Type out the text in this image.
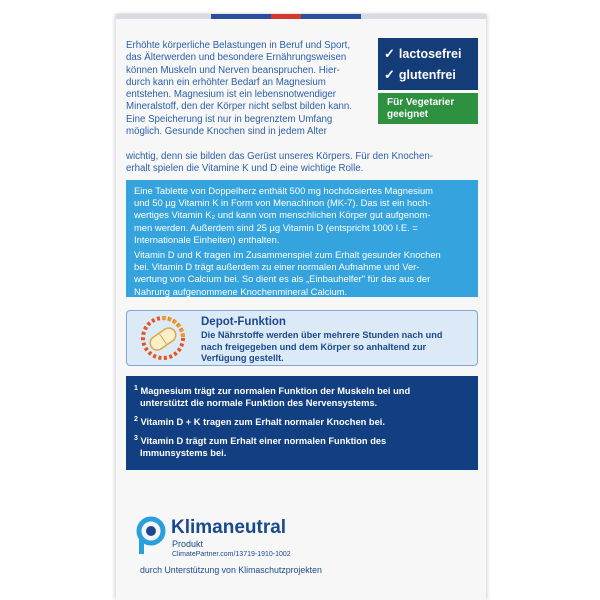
Erhöhte körperliche Belastungen in Beruf und Sport,
das Älterwerden und besondere Ernährungsweisen
können Muskeln und Nerven beanspruchen. Hier-
durch kann ein erhöhter Bedarf an Magnesium
entstehen. Magnesium ist ein lebensnotwendiger
Mineralstoff, den der Körper nicht selbst bilden kann.
Eine Speicherung ist nur in begrenztem Umfang
möglich. Gesunde Knochen sind in jedem Alter
wichtig, denn sie bilden das Gerüst unseres Körpers. Für den Knochen-
erhalt spielen die Vitamine K und D eine wichtige Rolle.
✓ lactosefrei
✓ glutenfrei
Für Vegetarier geeignet

Eine Tablette von Doppelherz enthält 500 mg hochdosiertes Magnesium
und 50 µg Vitamin K in Form von Menachinon (MK-7). Das ist ein hoch-
wertiges Vitamin K₂ und kann vom menschlichen Körper gut aufgenom-
men werden. Außerdem sind 25 µg Vitamin D (entspricht 1000 I.E. =
Internationale Einheiten) enthalten.

Vitamin D und K tragen im Zusammenspiel zum Erhalt gesunder Knochen
bei. Vitamin D trägt außerdem zu einer normalen Aufnahme und Ver-
wertung von Calcium bei. So dient es als „Einbauhelfer" für das aus der
Nahrung aufgenommene Knochenmineral Calcium.

Depot-Funktion
Die Nährstoffe werden über mehrere Stunden nach und
nach freigegeben und dem Körper so anhaltend zur
Verfügung gestellt.
$^1$ Magnesium trägt zur normalen Funktion der Muskeln bei und
unterstützt die normale Funktion des Nervensystems.
$^2$ Vitamin D + K tragen zum Erhalt normaler Knochen bei.
$^3$ Vitamin D trägt zum Erhalt einer normalen Funktion des
Immunsystems bei.
Klimaneutral
Produkt
ClimatePartner.com/13719-1910-1002
durch Unterstützung von Klimaschutzprojekten
